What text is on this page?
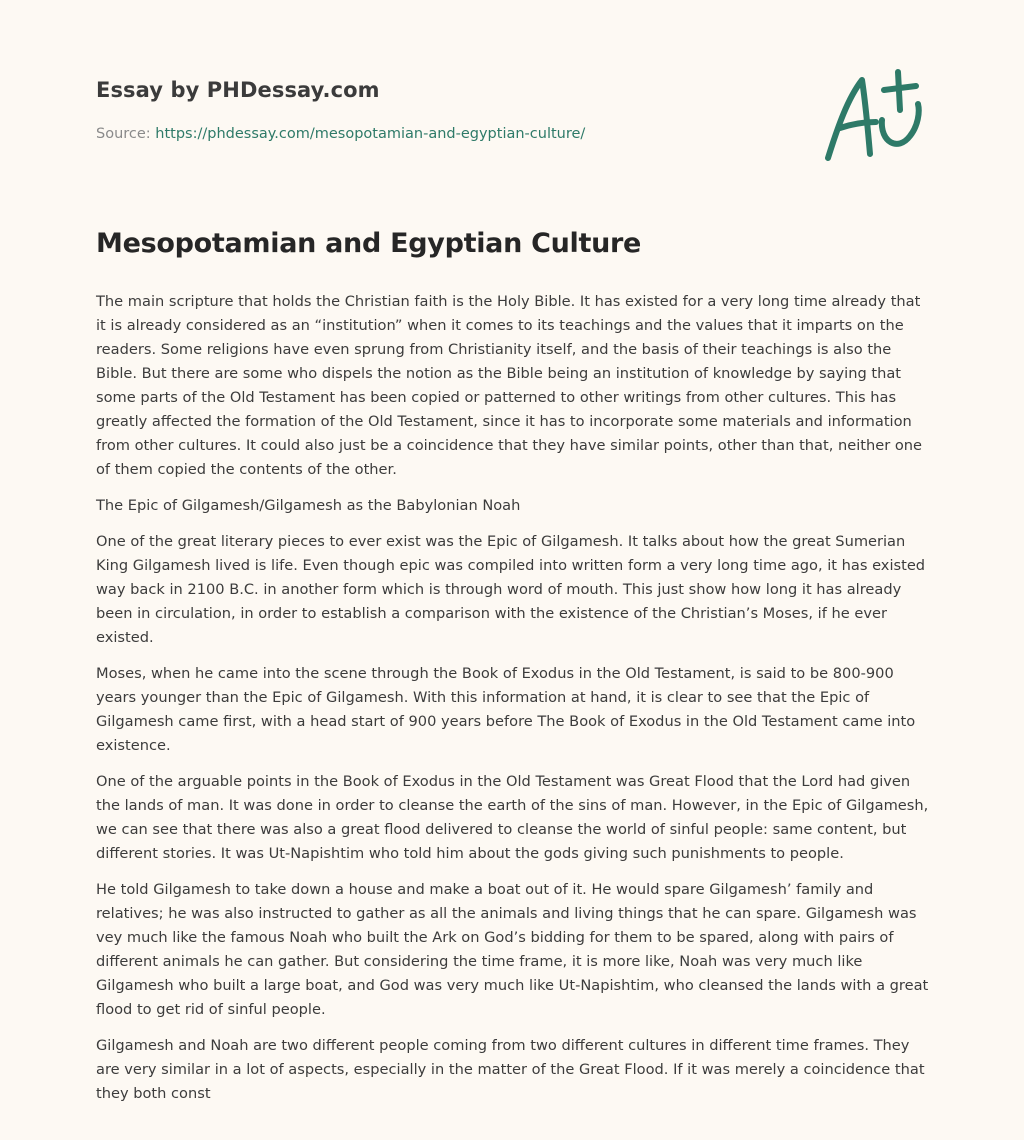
Essay by PHDessay.com
Source: https://phdessay.com/mesopotamian-and-egyptian-culture/
Mesopotamian and Egyptian Culture

The main scripture that holds the Christian faith is the Holy Bible. It has existed for a very long time already that it is already considered as an “institution” when it comes to its teachings and the values that it imparts on the readers. Some religions have even sprung from Christianity itself, and the basis of their teachings is also the Bible. But there are some who dispels the notion as the Bible being an institution of knowledge by saying that some parts of the Old Testament has been copied or patterned to other writings from other cultures. This has greatly affected the formation of the Old Testament, since it has to incorporate some materials and information from other cultures. It could also just be a coincidence that they have similar points, other than that, neither one of them copied the contents of the other.

The Epic of Gilgamesh/Gilgamesh as the Babylonian Noah

One of the great literary pieces to ever exist was the Epic of Gilgamesh. It talks about how the great Sumerian King Gilgamesh lived is life. Even though epic was compiled into written form a very long time ago, it has existed way back in 2100 B.C. in another form which is through word of mouth. This just show how long it has already been in circulation, in order to establish a comparison with the existence of the Christian’s Moses, if he ever existed.

Moses, when he came into the scene through the Book of Exodus in the Old Testament, is said to be 800-900 years younger than the Epic of Gilgamesh. With this information at hand, it is clear to see that the Epic of Gilgamesh came first, with a head start of 900 years before The Book of Exodus in the Old Testament came into existence.

One of the arguable points in the Book of Exodus in the Old Testament was Great Flood that the Lord had given the lands of man. It was done in order to cleanse the earth of the sins of man. However, in the Epic of Gilgamesh, we can see that there was also a great flood delivered to cleanse the world of sinful people: same content, but different stories. It was Ut-Napishtim who told him about the gods giving such punishments to people.

He told Gilgamesh to take down a house and make a boat out of it. He would spare Gilgamesh’ family and relatives; he was also instructed to gather as all the animals and living things that he can spare. Gilgamesh was vey much like the famous Noah who built the Ark on God’s bidding for them to be spared, along with pairs of different animals he can gather. But considering the time frame, it is more like, Noah was very much like Gilgamesh who built a large boat, and God was very much like Ut-Napishtim, who cleansed the lands with a great flood to get rid of sinful people.

Gilgamesh and Noah are two different people coming from two different cultures in different time frames. They are very similar in a lot of aspects, especially in the matter of the Great Flood. If it was merely a coincidence that they both const
